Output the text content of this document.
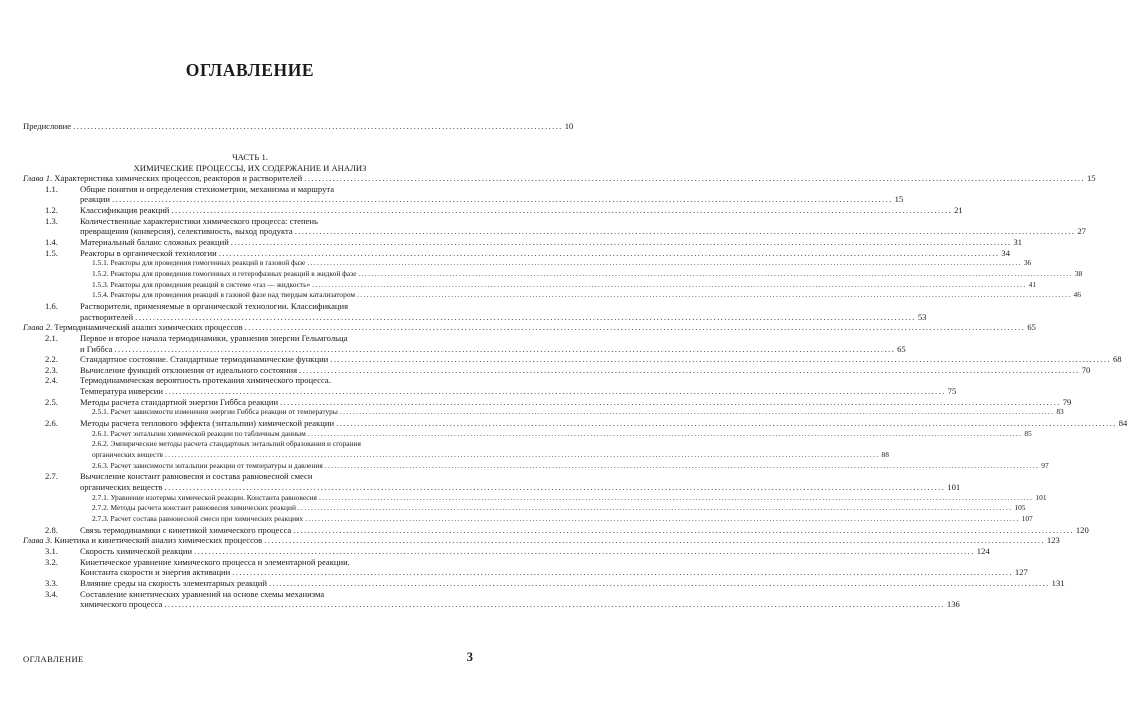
ОГЛАВЛЕНИЕ
Предисловие .......................................................................................................................................... 10
ЧАСТЬ 1.
ХИМИЧЕСКИЕ ПРОЦЕССЫ, ИХ СОДЕРЖАНИЕ И АНАЛИЗ
Глава 1 . Характеристика химических процессов, реакторов и растворителей ............................................................................................................................................................................................................................ 15
1.1.	Общие понятия и определения стехиометрии, механизма и маршрута
реакции ............................................................................................................................................................................................................................ 15
1.2.	Классификация реакций ............................................................................................................................................................................................................................ 21
1.3.	Количественные характеристики химического процесса: степень
превращения (конверсия), селективность, выход продукта ............................................................................................................................................................................................................................ 27
1.4.	Материальный баланс сложных реакций ............................................................................................................................................................................................................................ 31
1.5.	Реакторы в органической технологии ............................................................................................................................................................................................................................ 34
1.5.1. Реакторы для проведения гомогенных реакций в газовой фазе ............................................................................................................................................................................................................................ 36
1.5.2. Реакторы для проведения гомогенных и гетерофазных реакций в жидкой фазе ............................................................................................................................................................................................................................ 38
1.5.3. Реакторы для проведения реакций в системе «газ — жидкость» ............................................................................................................................................................................................................................ 41
1.5.4. Реакторы для проведения реакций в газовой фазе над твердым катализатором ............................................................................................................................................................................................................................ 46
1.6.	Растворители, применяемые в органической технологии. Классификация
растворителей ............................................................................................................................................................................................................................ 53
Глава 2 . Термодинамический анализ химических процессов ............................................................................................................................................................................................................................ 65
2.1.	Первое и второе начала термодинамики, уравнения энергии Гельмгольца
и Гиббса ............................................................................................................................................................................................................................ 65
2.2.	Стандартное состояние. Стандартные термодинамические функции ............................................................................................................................................................................................................................ 68
2.3.	Вычисление функций отклонения от идеального состояния ............................................................................................................................................................................................................................ 70
2.4.	Термодинамическая вероятность протекания химического процесса.
Температура инверсии ............................................................................................................................................................................................................................ 75
2.5.	Методы расчета стандартной энергии Гиббса реакции ............................................................................................................................................................................................................................ 79
2.5.1. Расчет зависимости изменения энергии Гиббса реакции от температуры ............................................................................................................................................................................................................................ 83
2.6.	Методы расчета теплового эффекта (энтальпии) химической реакции ............................................................................................................................................................................................................................ 84
2.6.1. Расчет энтальпии химической реакции по табличным данным ............................................................................................................................................................................................................................ 85
2.6.2. Эмпирические методы расчета стандартных энтальпий образования и сгорания
органических веществ ............................................................................................................................................................................................................................ 88
2.6.3. Расчет зависимости энтальпии реакции от температуры и давления ............................................................................................................................................................................................................................ 97
2.7.	Вычисление констант равновесия и состава равновесной смеси
органических веществ ............................................................................................................................................................................................................................ 101
2.7.1. Уравнение изотермы химической реакции. Константа равновесия ............................................................................................................................................................................................................................ 101
2.7.2. Методы расчета констант равновесия химических реакций ............................................................................................................................................................................................................................ 105
2.7.3. Расчет состава равновесной смеси при химических реакциях ............................................................................................................................................................................................................................ 107
2.8.	Связь термодинамики с кинетикой химического процесса ............................................................................................................................................................................................................................ 120
Глава 3 . Кинетика и кинетический анализ химических процессов ............................................................................................................................................................................................................................ 123
3.1.	Скорость химической реакции ............................................................................................................................................................................................................................ 124
3.2.	Кинетическое уравнение химического процесса и элементарной реакции.
Константа скорости и энергия активации ............................................................................................................................................................................................................................ 127
3.3.	Влияние среды на скорость элементарных реакций ............................................................................................................................................................................................................................ 131
3.4.	Составление кинетических уравнений на основе схемы механизма
химического процесса ............................................................................................................................................................................................................................ 136
ОГЛАВЛЕНИЕ	3
